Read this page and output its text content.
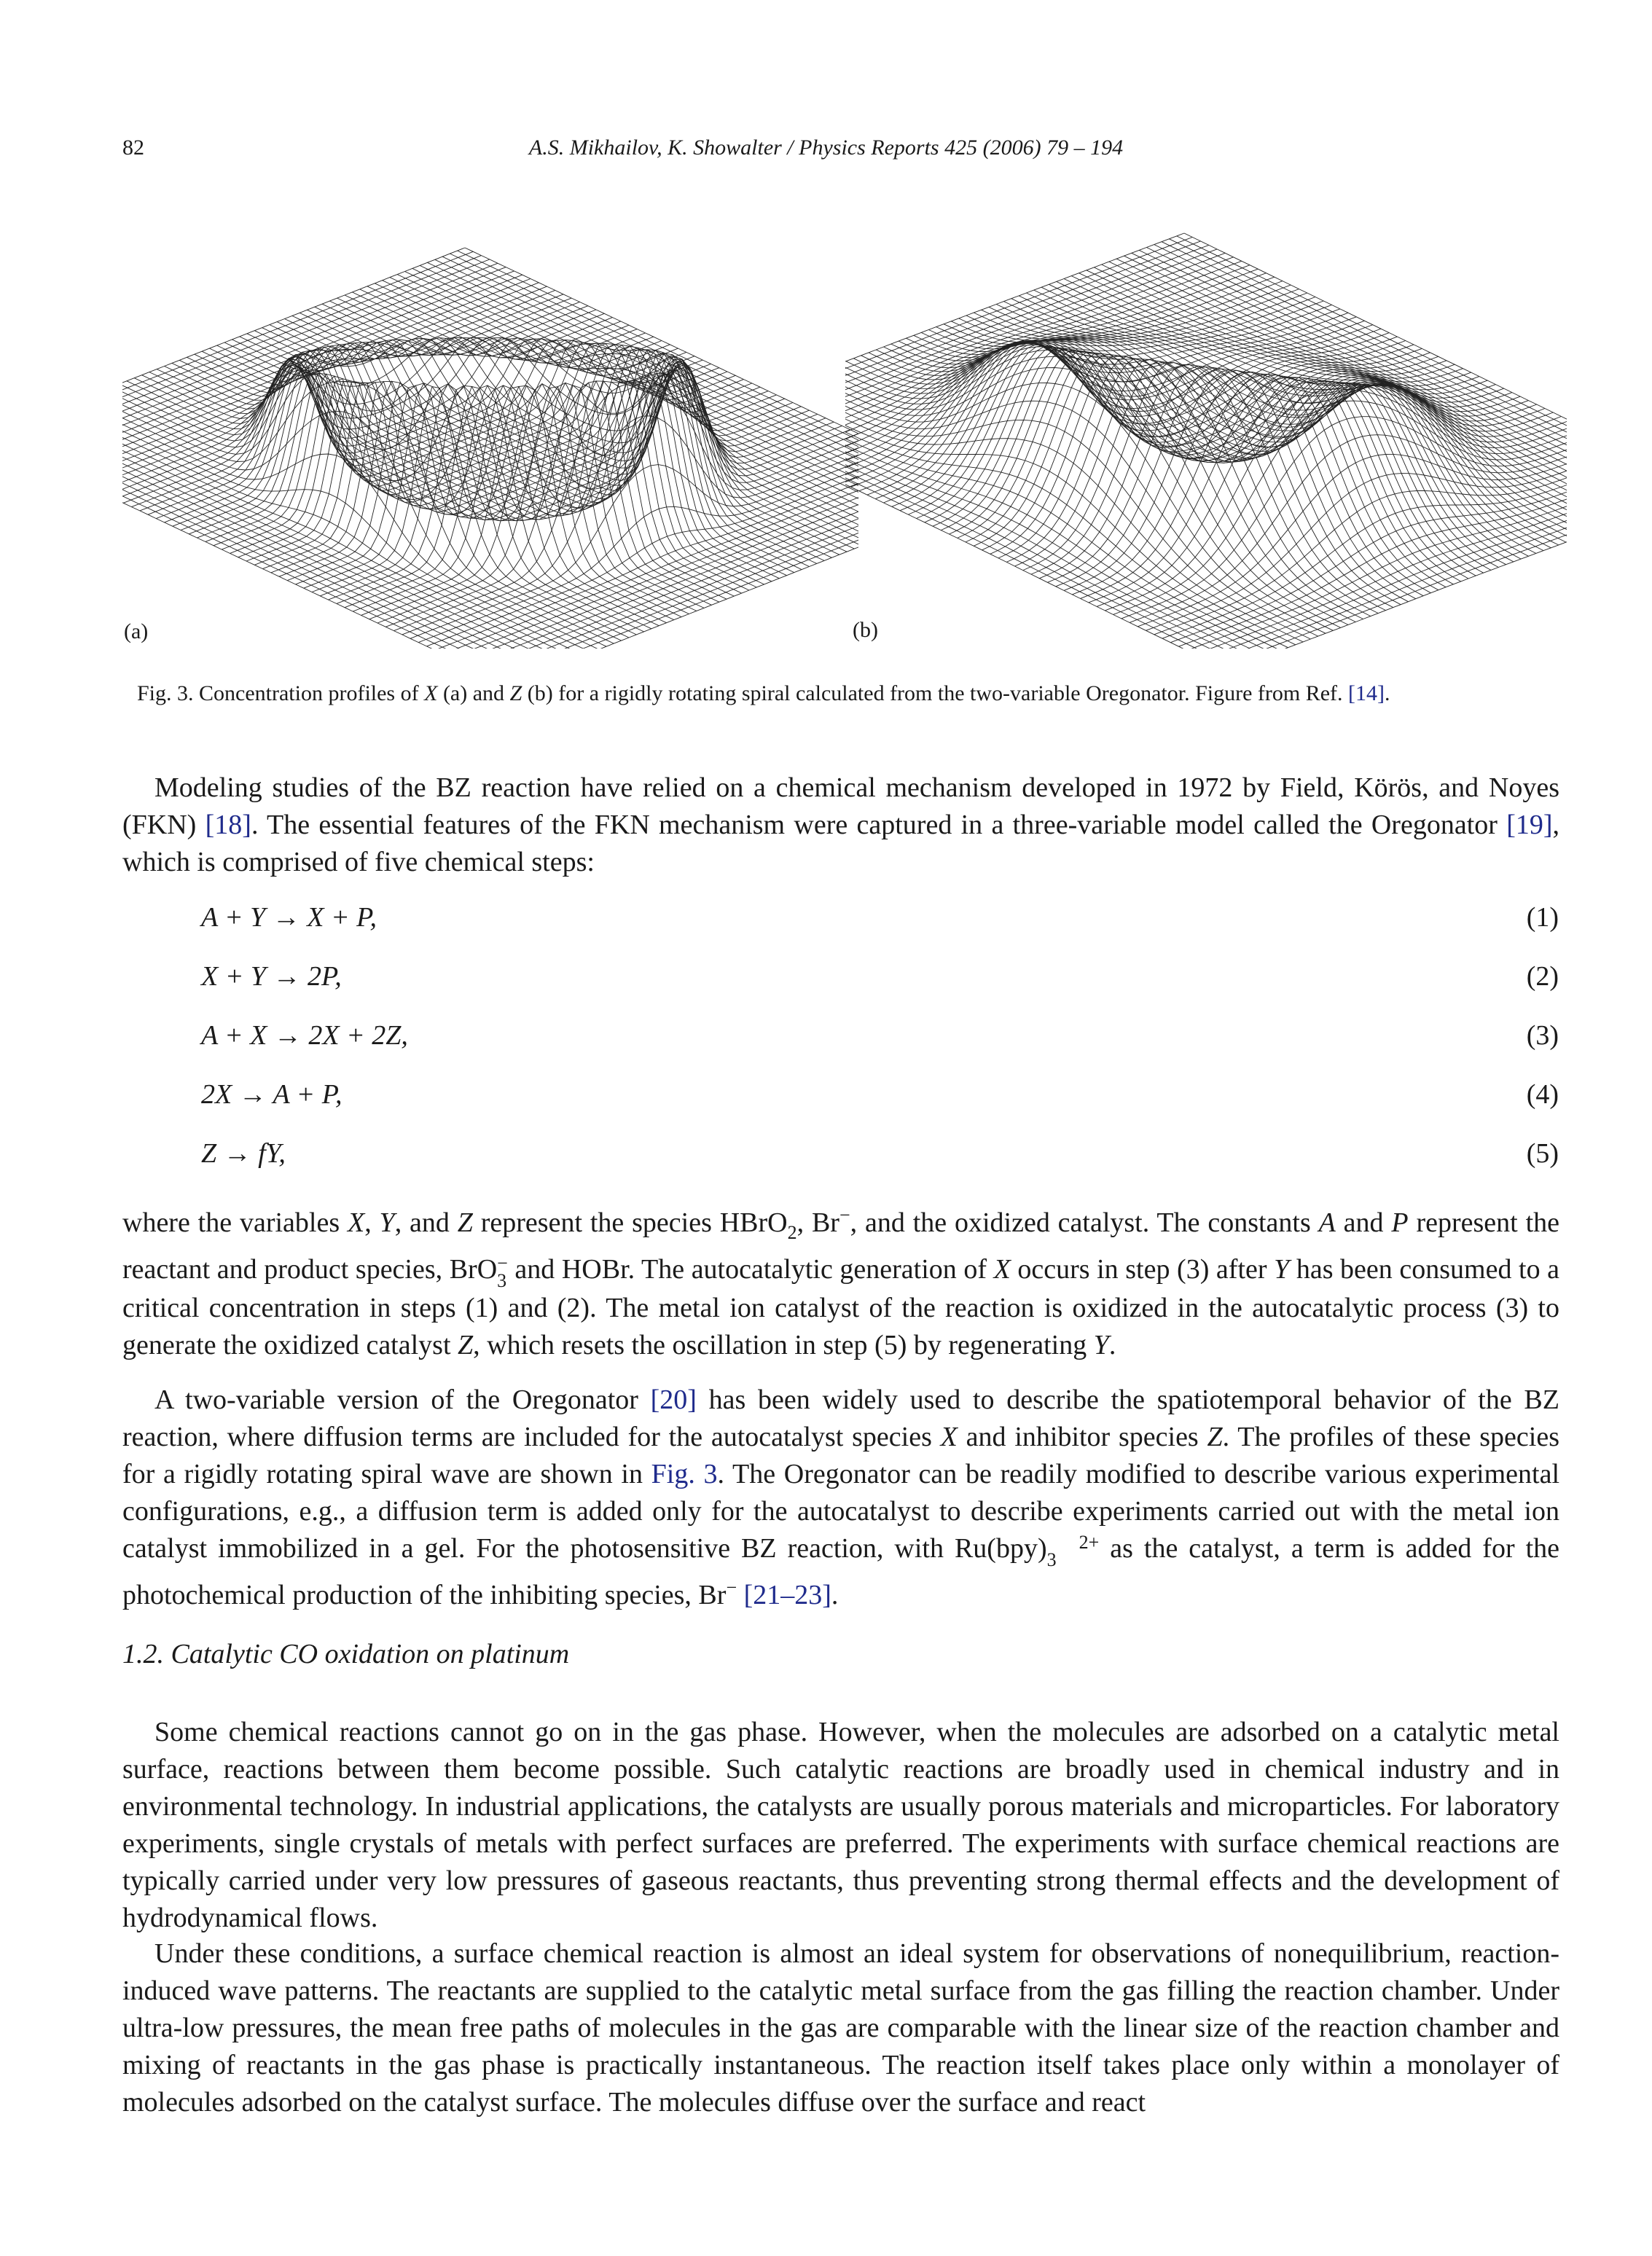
82	A.S. Mikhailov, K. Showalter / Physics Reports 425 (2006) 79 – 194
(a)	(b)
Fig. 3. Concentration profiles of X (a) and Z (b) for a rigidly rotating spiral calculated from the two-variable Oregonator. Figure from Ref. [14].
Modeling studies of the BZ reaction have relied on a chemical mechanism developed in 1972 by Field, Körös, and Noyes (FKN) [18]. The essential features of the FKN mechanism were captured in a three-variable model called the Oregonator [19], which is comprised of five chemical steps:
A + Y → X + P,	(1)
X + Y → 2P,	(2)
A + X → 2X + 2Z,	(3)
2X → A + P,	(4)
Z → fY,	(5)
where the variables X, Y, and Z represent the species HBrO$_2$, Br−, and the oxidized catalyst. The constants A and P represent the reactant and product species, BrO−
3 and HOBr. The autocatalytic generation of X occurs in step (3) after Y has been consumed to a critical concentration in steps (1) and (2). The metal ion catalyst of the reaction is oxidized in the autocatalytic process (3) to generate the oxidized catalyst Z, which resets the oscillation in step (5) by regenerating Y.
A two-variable version of the Oregonator [20] has been widely used to describe the spatiotemporal behavior of the BZ reaction, where diffusion terms are included for the autocatalyst species X and inhibitor species Z. The profiles of these species for a rigidly rotating spiral wave are shown in Fig. 3. The Oregonator can be readily modified to describe various experimental configurations, e.g., a diffusion term is added only for the autocatalyst to describe experiments carried out with the metal ion catalyst immobilized in a gel. For the photosensitive BZ reaction, with Ru(bpy) 2+
3 as the catalyst, a term is added for the photochemical production of the inhibiting species, Br− [21–23].
1.2. Catalytic CO oxidation on platinum
Some chemical reactions cannot go on in the gas phase. However, when the molecules are adsorbed on a catalytic metal surface, reactions between them become possible. Such catalytic reactions are broadly used in chemical industry and in environmental technology. In industrial applications, the catalysts are usually porous materials and microparticles. For laboratory experiments, single crystals of metals with perfect surfaces are preferred. The experiments with surface chemical reactions are typically carried under very low pressures of gaseous reactants, thus preventing strong thermal effects and the development of hydrodynamical flows.
Under these conditions, a surface chemical reaction is almost an ideal system for observations of nonequilibrium, reaction-induced wave patterns. The reactants are supplied to the catalytic metal surface from the gas filling the reaction chamber. Under ultra-low pressures, the mean free paths of molecules in the gas are comparable with the linear size of the reaction chamber and mixing of reactants in the gas phase is practically instantaneous. The reaction itself takes place only within a monolayer of molecules adsorbed on the catalyst surface. The molecules diffuse over the surface and react
